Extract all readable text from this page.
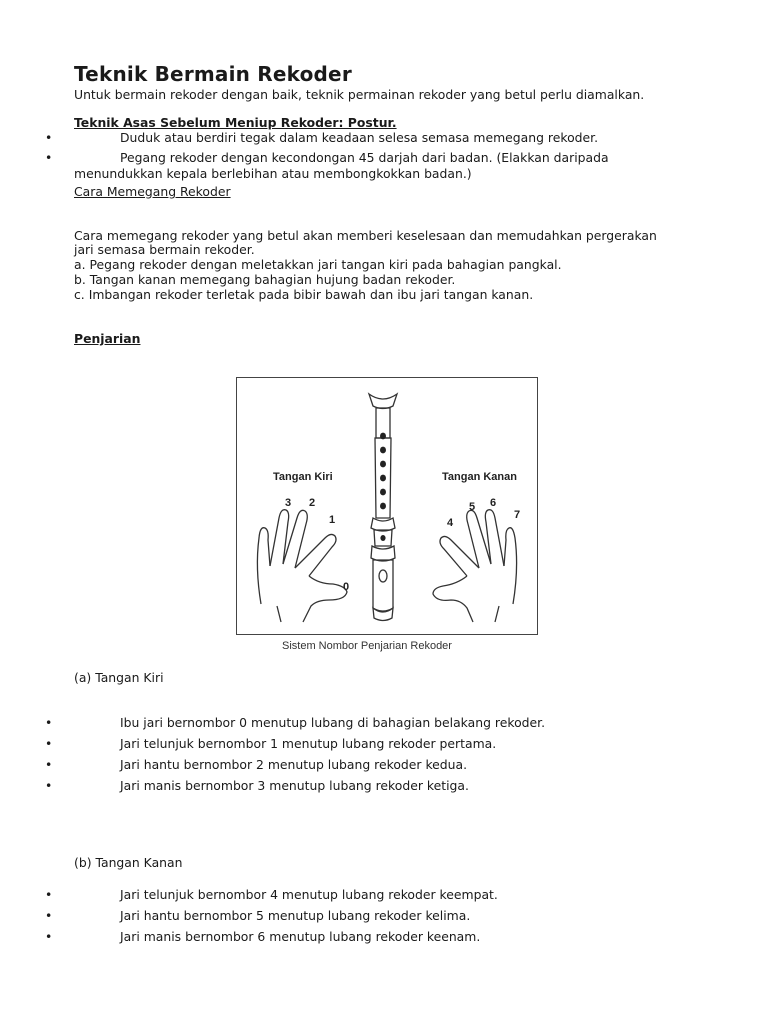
Teknik Bermain Rekoder
Untuk bermain rekoder dengan baik, teknik permainan rekoder yang betul perlu diamalkan.
Teknik Asas Sebelum Meniup Rekoder: Postur.
•	Duduk atau berdiri tegak dalam keadaan selesa semasa memegang rekoder.
•	Pegang rekoder dengan kecondongan 45 darjah dari badan. (Elakkan daripada
menundukkan kepala berlebihan atau membongkokkan badan.)
Cara Memegang Rekoder
Cara memegang rekoder yang betul akan memberi keselesaan dan memudahkan pergerakan
jari semasa bermain rekoder.
a. Pegang rekoder dengan meletakkan jari tangan kiri pada bahagian pangkal.
b. Tangan kanan memegang bahagian hujung badan rekoder.
c. Imbangan rekoder terletak pada bibir bawah dan ibu jari tangan kanan.
Penjarian
Tangan Kiri	Tangan Kanan
3 2
1
0
4
5 6
7
Sistem Nombor Penjarian Rekoder
(a) Tangan Kiri
•	Ibu jari bernombor 0 menutup lubang di bahagian belakang rekoder.
•	Jari telunjuk bernombor 1 menutup lubang rekoder pertama.
•	Jari hantu bernombor 2 menutup lubang rekoder kedua.
•	Jari manis bernombor 3 menutup lubang rekoder ketiga.
(b) Tangan Kanan
•	Jari telunjuk bernombor 4 menutup lubang rekoder keempat.
•	Jari hantu bernombor 5 menutup lubang rekoder kelima.
•	Jari manis bernombor 6 menutup lubang rekoder keenam.
